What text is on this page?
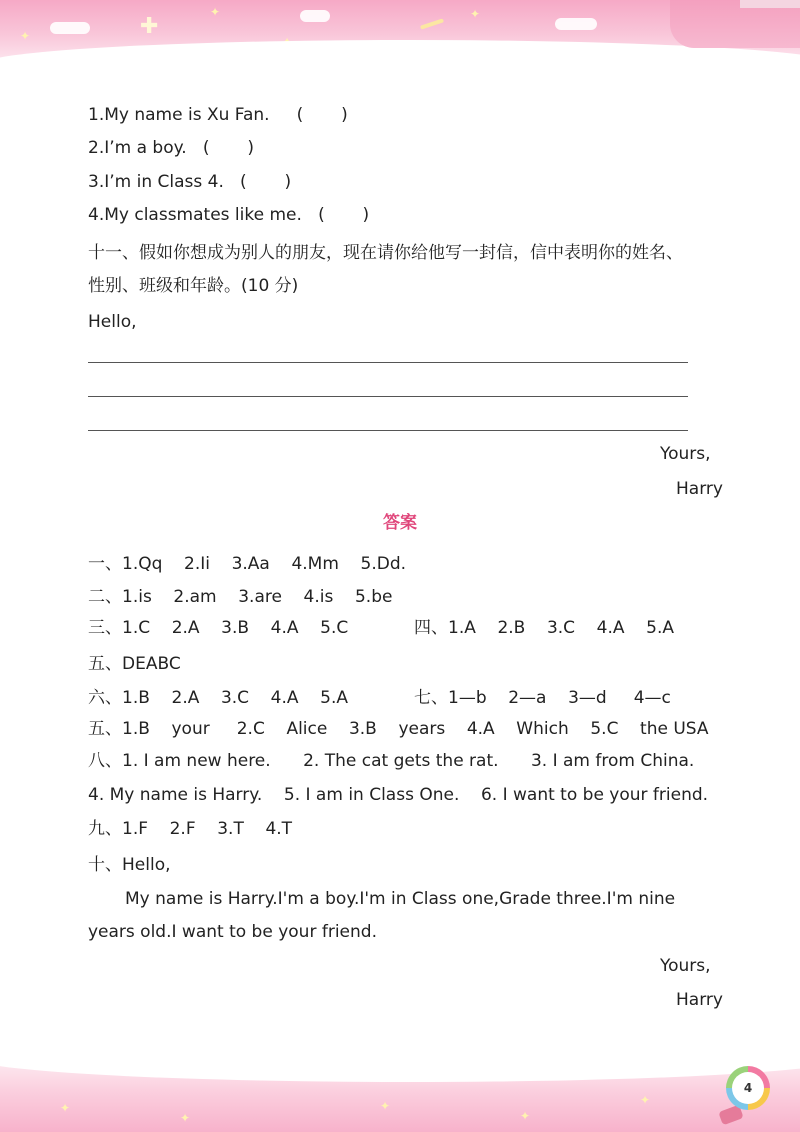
✚
✦
✦	✦
1.My name is Xu Fan.     (       )
2.I’m a boy.   (       )
3.I’m in Class 4.   (       )
4.My classmates like me.   (       )
十一、假如你想成为别人的朋友，现在请你给他写一封信，信中表明你的姓名、
性别、班级和年龄。(10 分)
Hello,
Yours,
Harry
答案
一、1.Qq    2.Ii    3.Aa    4.Mm    5.Dd.
二、1.is    2.am    3.are    4.is    5.be
三、1.C    2.A    3.B    4.A    5.C	四、1.A    2.B    3.C    4.A    5.A
五、DEABC
六、1.B    2.A    3.C    4.A    5.A	七、1—b    2—a    3—d     4—c
五、1.B    your     2.C    Alice    3.B    years    4.A    Which    5.C    the USA
八、1. I am new here.      2. The cat gets the rat.      3. I am from China.
4. My name is Harry.    5. I am in Class One.    6. I want to be your friend.
九、1.F    2.F    3.T    4.T
十、Hello,
My name is Harry.I'm a boy.I'm in Class one,Grade three.I'm nine
years old.I want to be your friend.
Yours,
Harry
✦
✦
✦
✦
✦
4
